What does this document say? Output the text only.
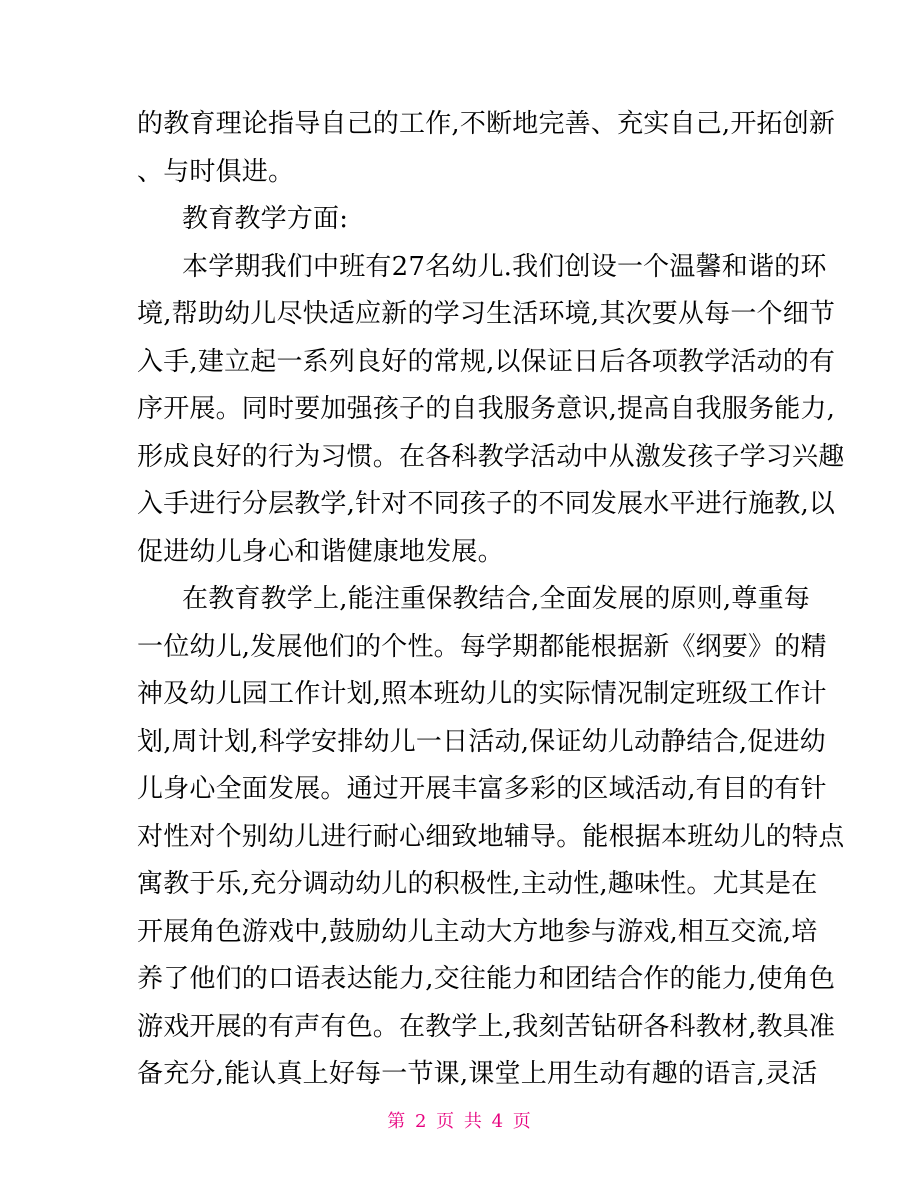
的教育理论指导自己的工作,不断地完善、充实自己,开拓创新
、与时俱进。
教育教学方面:
本学期我们中班有27名幼儿.我们创设一个温馨和谐的环
境,帮助幼儿尽快适应新的学习生活环境,其次要从每一个细节
入手,建立起一系列良好的常规,以保证日后各项教学活动的有
序开展。同时要加强孩子的自我服务意识,提高自我服务能力,
形成良好的行为习惯。在各科教学活动中从激发孩子学习兴趣
入手进行分层教学,针对不同孩子的不同发展水平进行施教,以
促进幼儿身心和谐健康地发展。
在教育教学上,能注重保教结合,全面发展的原则,尊重每
一位幼儿,发展他们的个性。每学期都能根据新《纲要》的精
神及幼儿园工作计划,照本班幼儿的实际情况制定班级工作计
划,周计划,科学安排幼儿一日活动,保证幼儿动静结合,促进幼
儿身心全面发展。通过开展丰富多彩的区域活动,有目的有针
对性对个别幼儿进行耐心细致地辅导。能根据本班幼儿的特点
寓教于乐,充分调动幼儿的积极性,主动性,趣味性。尤其是在
开展角色游戏中,鼓励幼儿主动大方地参与游戏,相互交流,培
养了他们的口语表达能力,交往能力和团结合作的能力,使角色
游戏开展的有声有色。在教学上,我刻苦钻研各科教材,教具准
备充分,能认真上好每一节课,课堂上用生动有趣的语言,灵活
第 2 页 共 4 页
